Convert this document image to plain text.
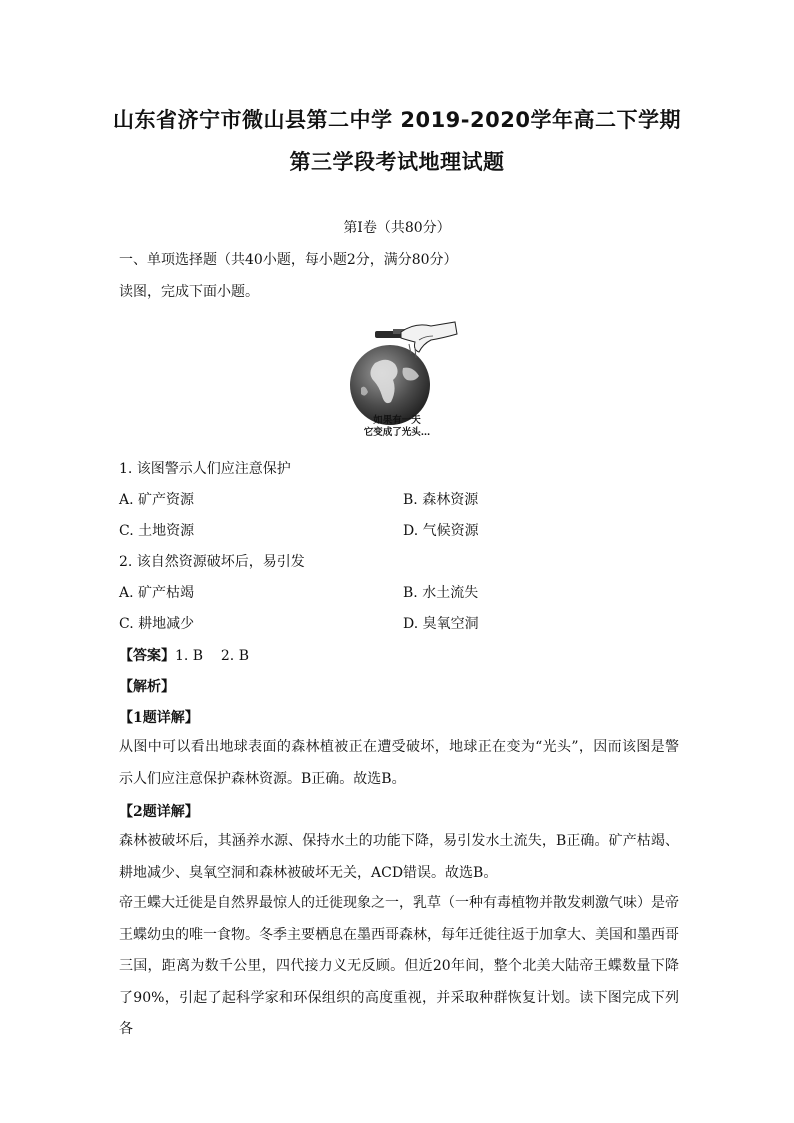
山东省济宁市微山县第二中学 2019-2020学年高二下学期
第三学段考试地理试题
第Ⅰ卷（共80分）
一、单项选择题（共40小题，每小题2分，满分80分）
读图，完成下面小题。
如果有一天
它变成了光头…
1. 该图警示人们应注意保护
A. 矿产资源	B. 森林资源
C. 土地资源	D. 气候资源
2. 该自然资源破坏后，易引发
A. 矿产枯竭	B. 水土流失
C. 耕地减少	D. 臭氧空洞
【答案】1. B    2. B
【解析】
【1题详解】
从图中可以看出地球表面的森林植被正在遭受破坏，地球正在变为“光头”，因而该图是警示人们应注意保护森林资源。B正确。故选B。
【2题详解】
森林被破坏后，其涵养水源、保持水土的功能下降，易引发水土流失，B正确。矿产枯竭、耕地减少、臭氧空洞和森林被破坏无关，ACD错误。故选B。
帝王蝶大迁徙是自然界最惊人的迁徙现象之一，乳草（一种有毒植物并散发刺激气味）是帝王蝶幼虫的唯一食物。冬季主要栖息在墨西哥森林，每年迁徙往返于加拿大、美国和墨西哥三国，距离为数千公里，四代接力义无反顾。但近20年间，整个北美大陆帝王蝶数量下降了90%，引起了起科学家和环保组织的高度重视，并采取种群恢复计划。读下图完成下列各
